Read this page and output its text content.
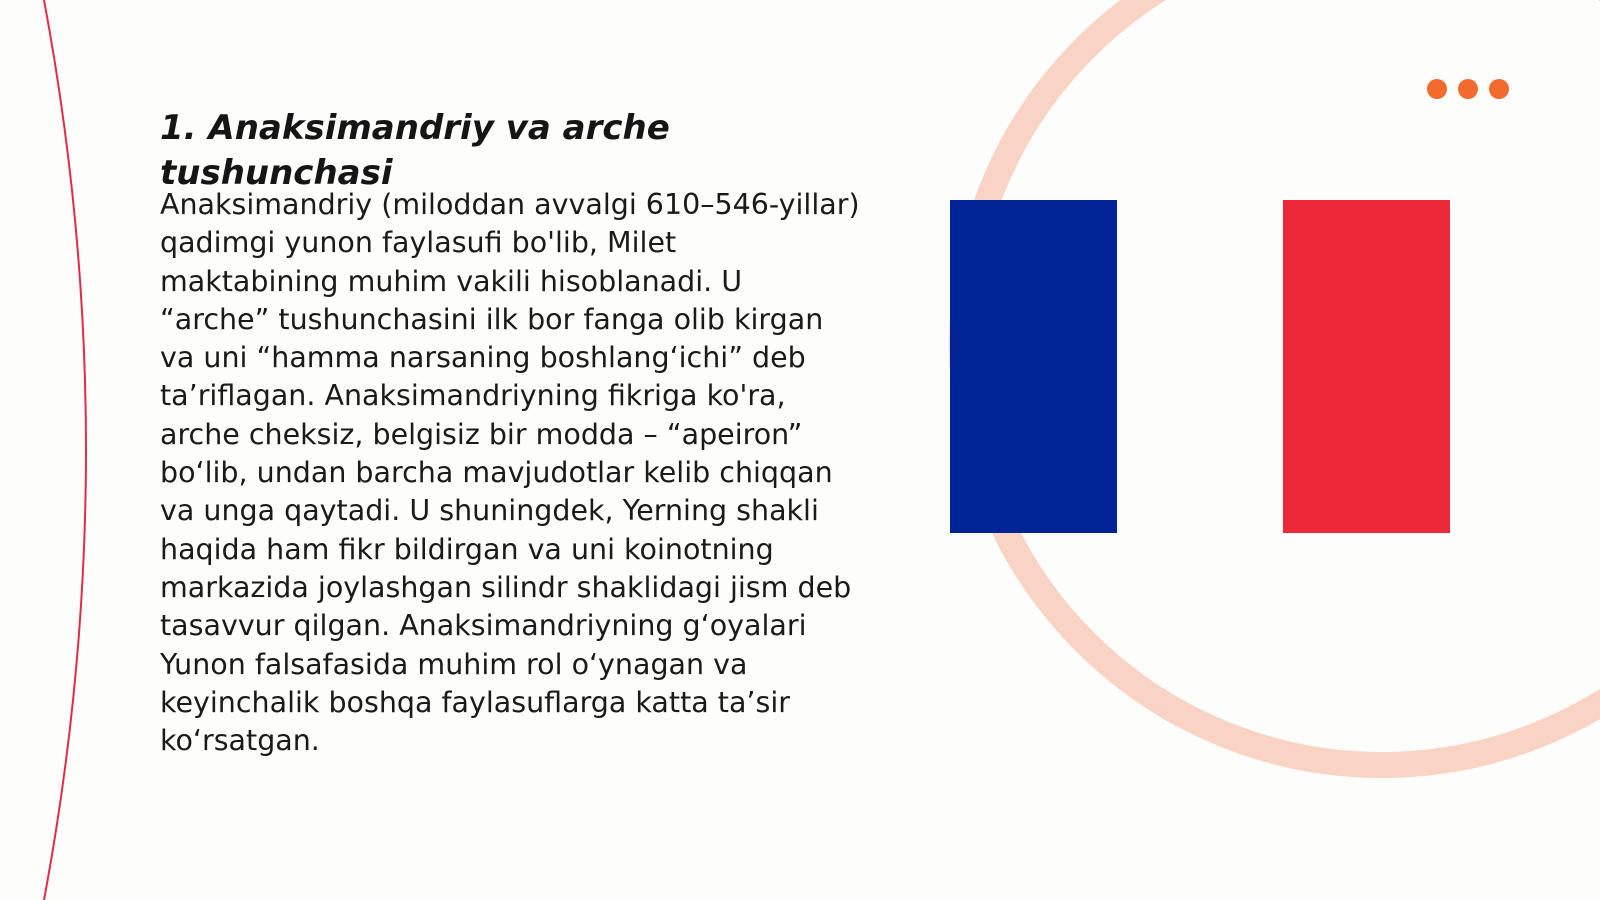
1. Anaksimandriy va arche tushunchasi

Anaksimandriy (miloddan avvalgi 610–546-yillar) qadimgi yunon faylasufi bo'lib, Milet maktabining muhim vakili hisoblanadi. U “arche” tushunchasini ilk bor fanga olib kirgan va uni “hamma narsaning boshlang‘ichi” deb ta’riflagan. Anaksimandriyning fikriga ko'ra, arche cheksiz, belgisiz bir modda – “apeiron” bo‘lib, undan barcha mavjudotlar kelib chiqqan va unga qaytadi. U shuningdek, Yerning shakli haqida ham fikr bildirgan va uni koinotning markazida joylashgan silindr shaklidagi jism deb tasavvur qilgan. Anaksimandriyning g‘oyalari Yunon falsafasida muhim rol o‘ynagan va keyinchalik boshqa faylasuflarga katta ta’sir ko‘rsatgan.
